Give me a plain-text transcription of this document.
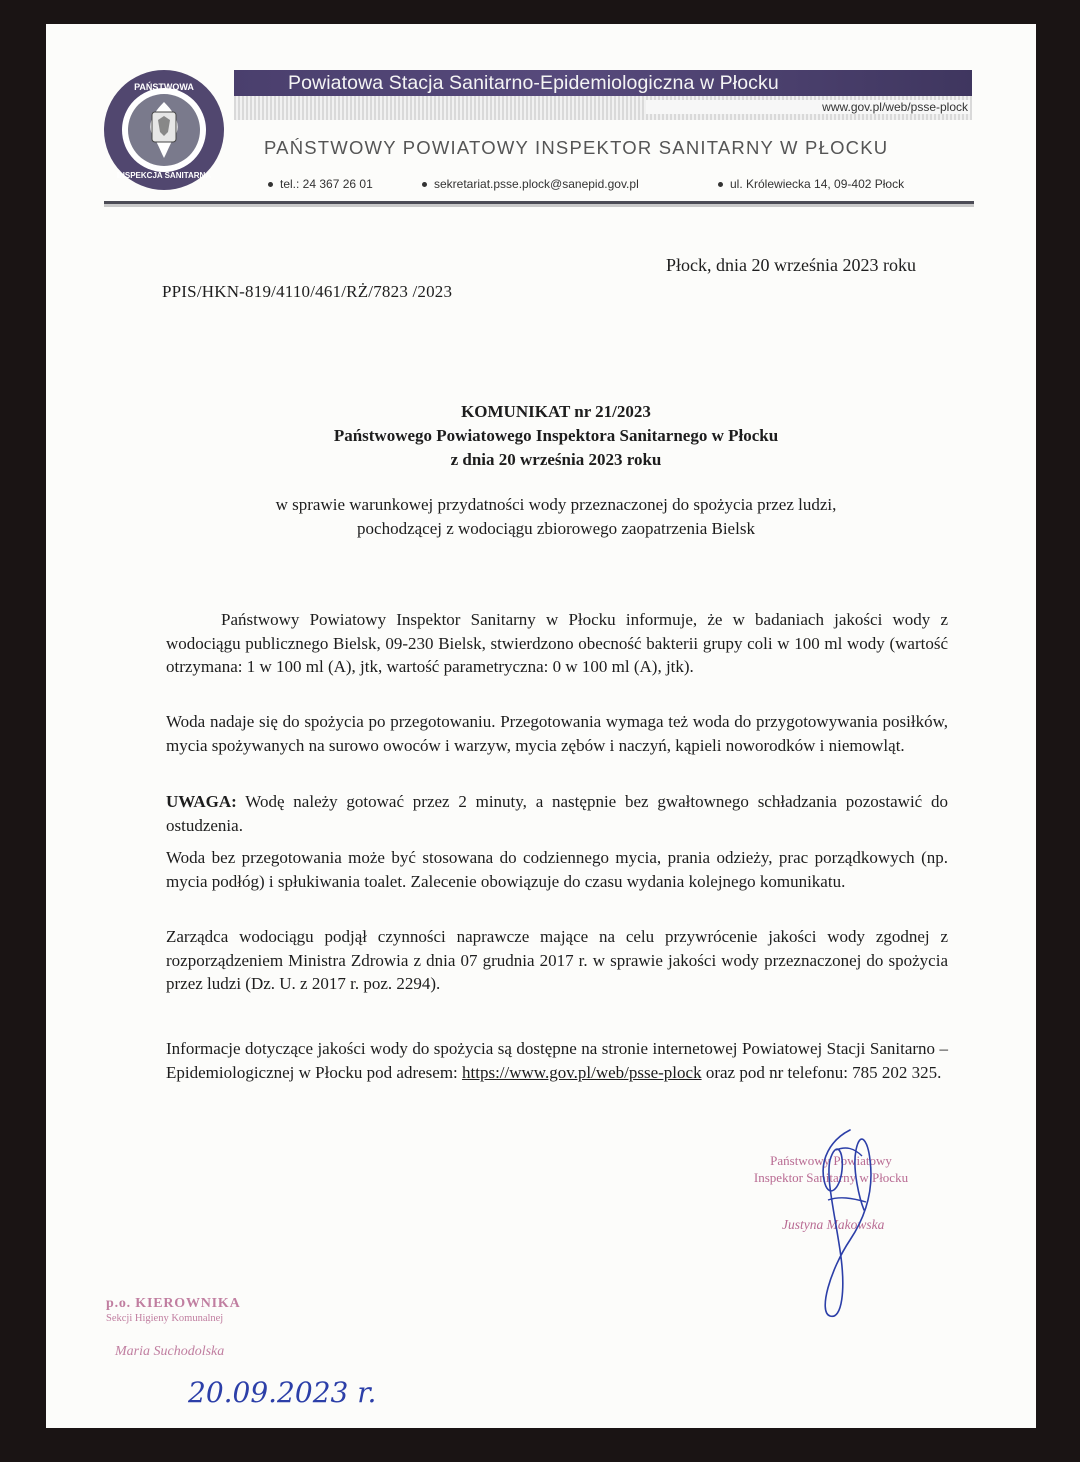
PAŃSTWOWA
INSPEKCJA SANITARNA
Powiatowa Stacja Sanitarno-Epidemiologiczna w Płocku
www.gov.pl/web/psse-plock
PAŃSTWOWY POWIATOWY INSPEKTOR SANITARNY W PŁOCKU
tel.: 24 367 26 01	sekretariat.psse.plock@sanepid.gov.pl	ul. Królewiecka 14, 09-402 Płock
Płock, dnia 20 września 2023 roku
PPIS/HKN-819/4110/461/RŻ/7823 /2023
KOMUNIKAT nr 21/2023
Państwowego Powiatowego Inspektora Sanitarnego w Płocku
z dnia 20 września 2023 roku
w sprawie warunkowej przydatności wody przeznaczonej do spożycia przez ludzi,
pochodzącej z wodociągu zbiorowego zaopatrzenia Bielsk

Państwowy Powiatowy Inspektor Sanitarny w Płocku informuje, że w badaniach jakości wody z wodociągu publicznego Bielsk, 09-230 Bielsk, stwierdzono obecność bakterii grupy coli w 100 ml wody (wartość otrzymana: 1 w 100 ml (A), jtk, wartość parametryczna: 0 w 100 ml (A), jtk).

Woda nadaje się do spożycia po przegotowaniu. Przegotowania wymaga też woda do przygotowywania posiłków, mycia spożywanych na surowo owoców i warzyw, mycia zębów i naczyń, kąpieli noworodków i niemowląt.

UWAGA: Wodę należy gotować przez 2 minuty, a następnie bez gwałtownego schładzania pozostawić do ostudzenia.

Woda bez przegotowania może być stosowana do codziennego mycia, prania odzieży, prac porządkowych (np. mycia podłóg) i spłukiwania toalet. Zalecenie obowiązuje do czasu wydania kolejnego komunikatu.

Zarządca wodociągu podjął czynności naprawcze mające na celu przywrócenie jakości wody zgodnej z rozporządzeniem Ministra Zdrowia z dnia 07 grudnia 2017 r. w sprawie jakości wody przeznaczonej do spożycia przez ludzi (Dz. U. z 2017 r. poz. 2294).

Informacje dotyczące jakości wody do spożycia są dostępne na stronie internetowej Powiatowej Stacji Sanitarno – Epidemiologicznej w Płocku pod adresem: https://www.gov.pl/web/psse-plock oraz pod nr telefonu: 785 202 325.

Państwowy Powiatowy
Inspektor Sanitarny w Płocku
Justyna Makowska
p.o. KIEROWNIKA
Sekcji Higieny Komunalnej
Maria Suchodolska
20.09.2023 r.
